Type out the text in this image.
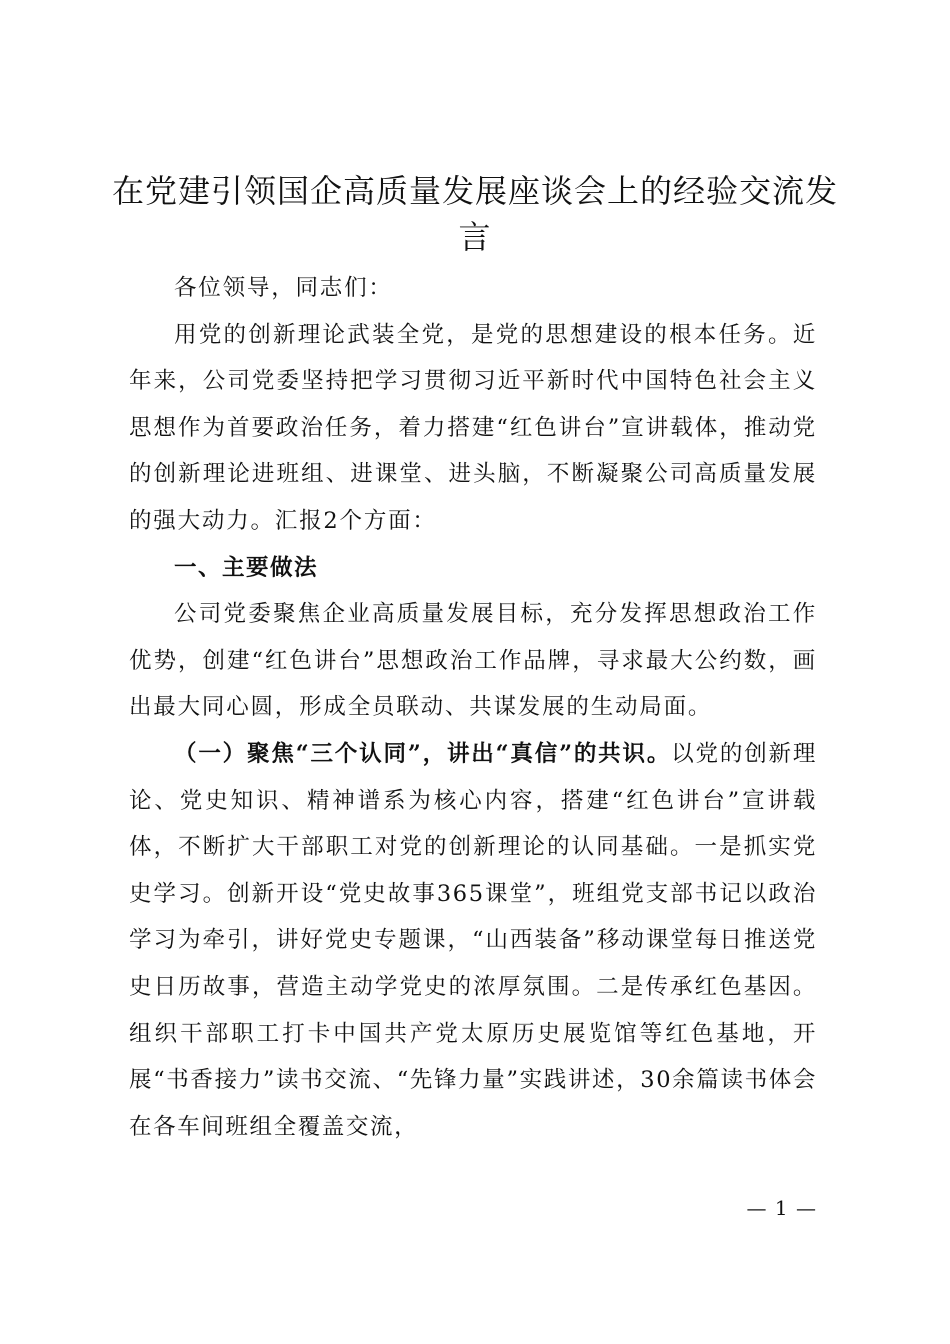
在党建引领国企高质量发展座谈会上的经验交流发言

各位领导，同志们：

用党的创新理论武装全党，是党的思想建设的根本任务。近年来，公司党委坚持把学习贯彻习近平新时代中国特色社会主义思想作为首要政治任务，着力搭建“红色讲台”宣讲载体，推动党的创新理论进班组、进课堂、进头脑，不断凝聚公司高质量发展的强大动力。汇报2个方面：

一、主要做法

公司党委聚焦企业高质量发展目标，充分发挥思想政治工作优势，创建“红色讲台”思想政治工作品牌，寻求最大公约数，画出最大同心圆，形成全员联动、共谋发展的生动局面。

（一）聚焦“三个认同”，讲出“真信”的共识。以党的创新理论、党史知识、精神谱系为核心内容，搭建“红色讲台”宣讲载体，不断扩大干部职工对党的创新理论的认同基础。一是抓实党史学习。创新开设“党史故事365课堂”，班组党支部书记以政治学习为牵引，讲好党史专题课，“山西装备”移动课堂每日推送党史日历故事，营造主动学党史的浓厚氛围。二是传承红色基因。组织干部职工打卡中国共产党太原历史展览馆等红色基地，开展“书香接力”读书交流、“先锋力量”实践讲述，30余篇读书体会在各车间班组全覆盖交流，

— 1 —
